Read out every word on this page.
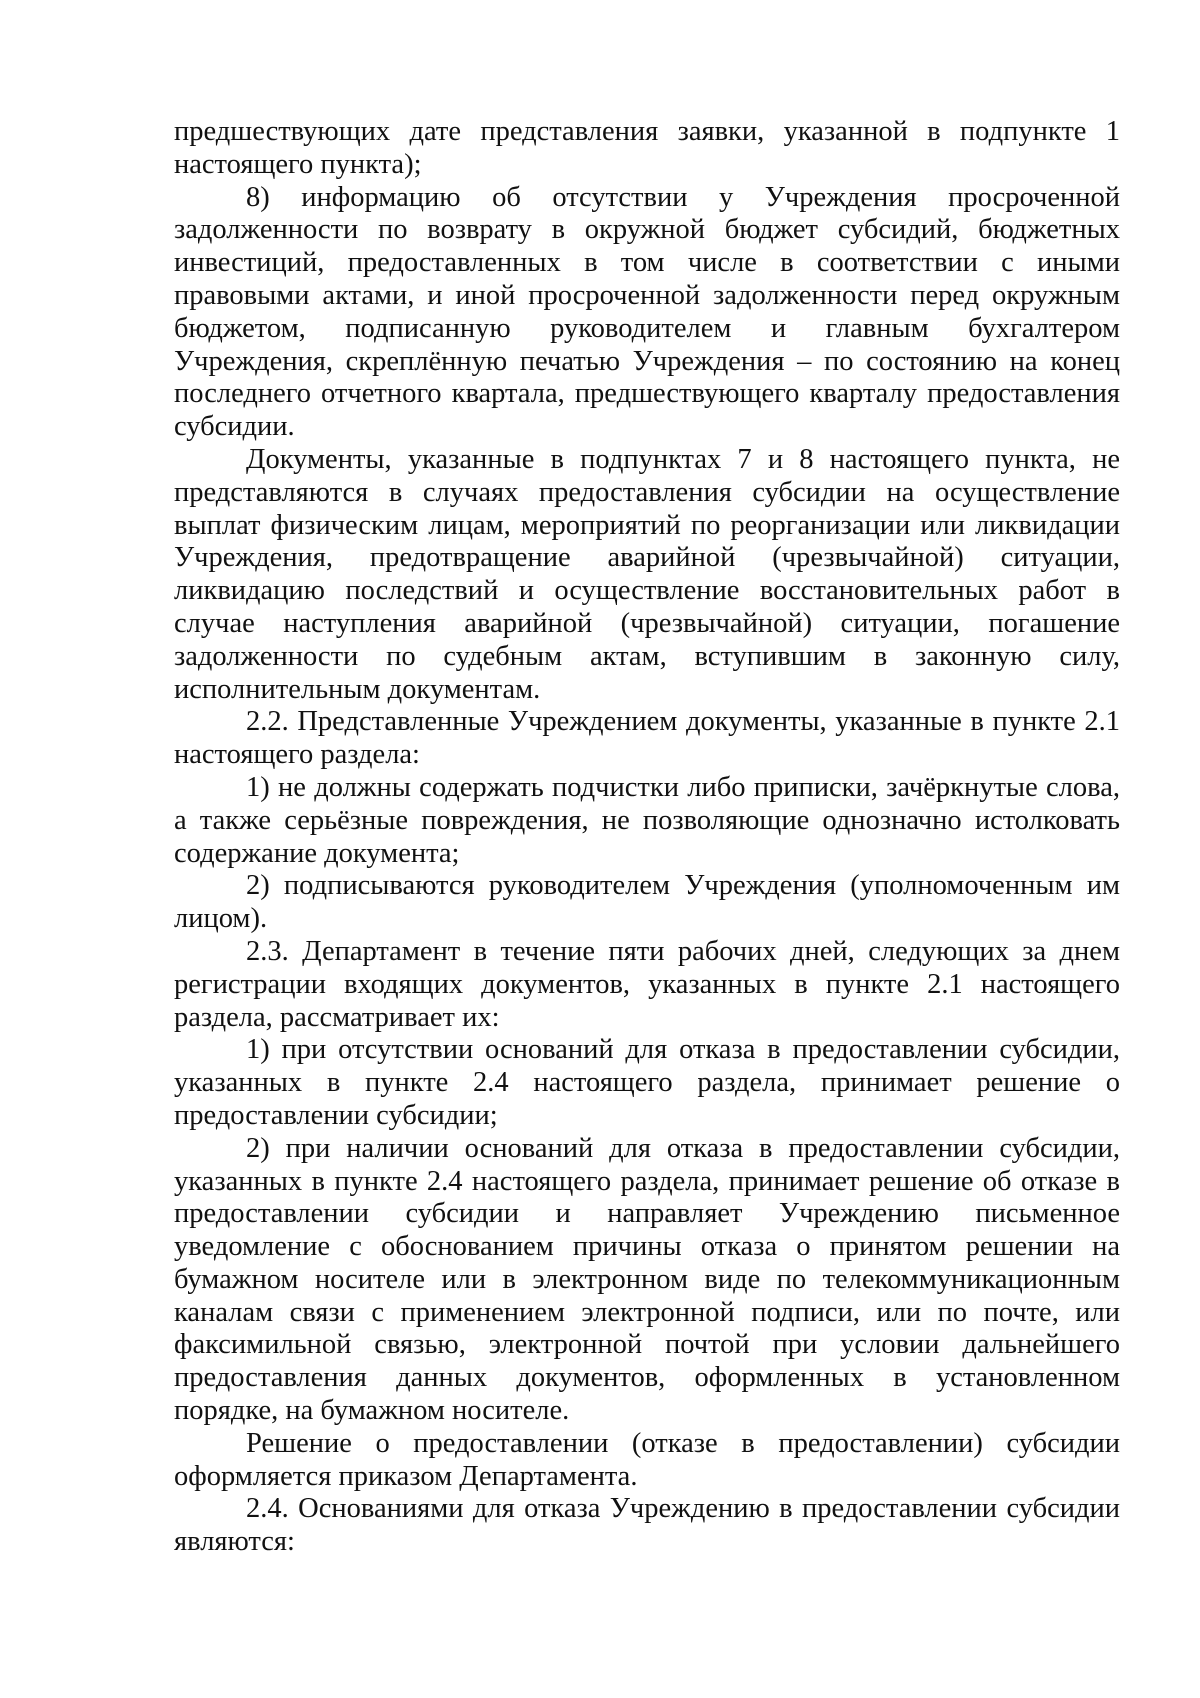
предшествующих дате представления заявки, указанной в подпункте 1 настоящего пункта);

8) информацию об отсутствии у Учреждения просроченной задолженности по возврату в окружной бюджет субсидий, бюджетных инвестиций, предоставленных в том числе в соответствии с иными правовыми актами, и иной просроченной задолженности перед окружным бюджетом, подписанную руководителем и главным бухгалтером Учреждения, скреплённую печатью Учреждения – по состоянию на конец последнего отчетного квартала, предшествующего кварталу предоставления субсидии.

Документы, указанные в подпунктах 7 и 8 настоящего пункта, не представляются в случаях предоставления субсидии на осуществление выплат физическим лицам, мероприятий по реорганизации или ликвидации Учреждения, предотвращение аварийной (чрезвычайной) ситуации, ликвидацию последствий и осуществление восстановительных работ в случае наступления аварийной (чрезвычайной) ситуации, погашение задолженности по судебным актам, вступившим в законную силу, исполнительным документам.

2.2. Представленные Учреждением документы, указанные в пункте 2.1 настоящего раздела:

1) не должны содержать подчистки либо приписки, зачёркнутые слова, а также серьёзные повреждения, не позволяющие однозначно истолковать содержание документа;

2) подписываются руководителем Учреждения (уполномоченным им лицом).

2.3. Департамент в течение пяти рабочих дней, следующих за днем регистрации входящих документов, указанных в пункте 2.1 настоящего раздела, рассматривает их:

1) при отсутствии оснований для отказа в предоставлении субсидии, указанных в пункте 2.4 настоящего раздела, принимает решение о предоставлении субсидии;

2) при наличии оснований для отказа в предоставлении субсидии, указанных в пункте 2.4 настоящего раздела, принимает решение об отказе в предоставлении субсидии и направляет Учреждению письменное уведомление с обоснованием причины отказа о принятом решении на бумажном носителе или в электронном виде по телекоммуникационным каналам связи с применением электронной подписи, или по почте, или факсимильной связью, электронной почтой при условии дальнейшего предоставления данных документов, оформленных в установленном порядке, на бумажном носителе.

Решение о предоставлении (отказе в предоставлении) субсидии оформляется приказом Департамента.

2.4. Основаниями для отказа Учреждению в предоставлении субсидии являются:
